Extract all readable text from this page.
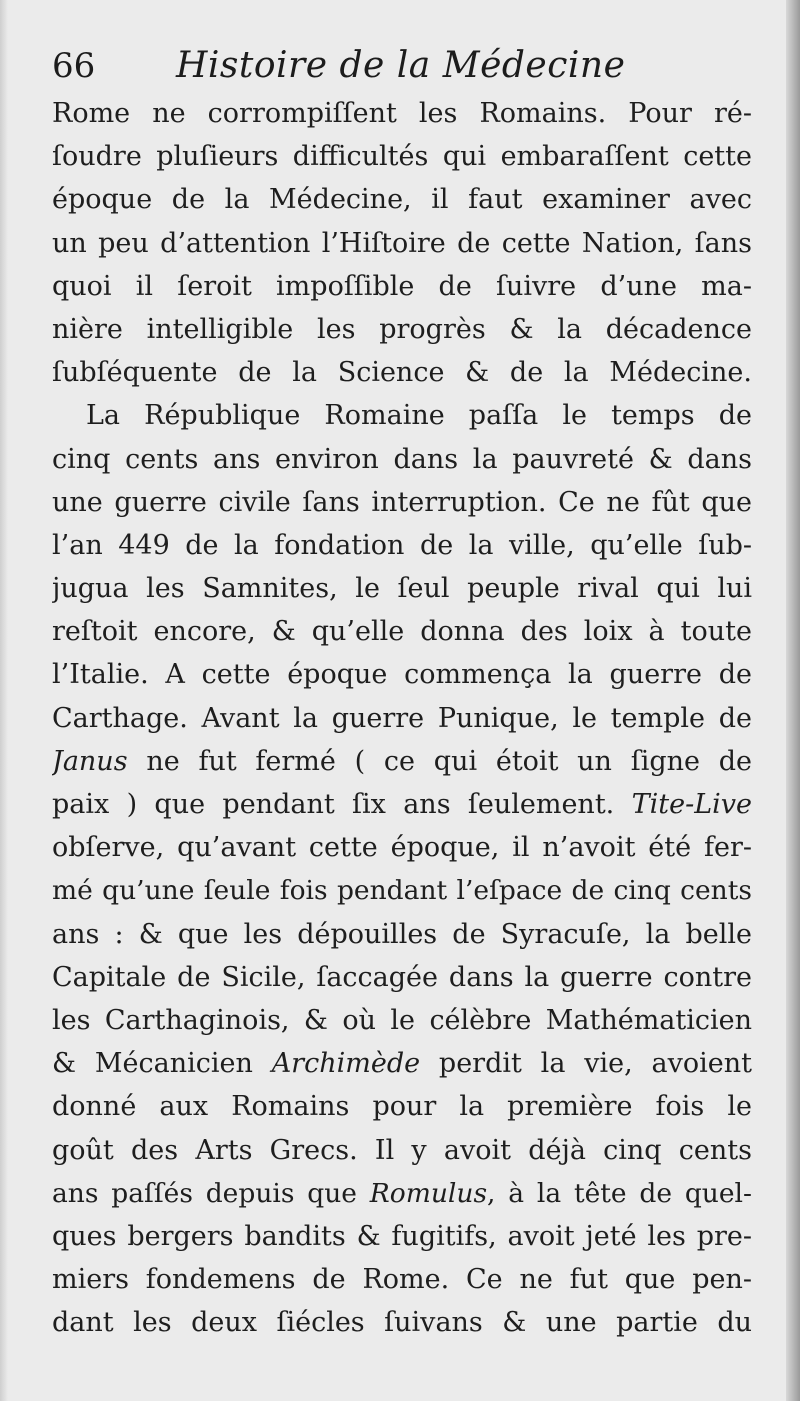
66 Histoire de la Médecine
Rome ne corrompiſſent les Romains. Pour ré-
ſoudre pluſieurs difficultés qui embaraſſent cette
époque de la Médecine, il faut examiner avec
un peu d’attention l’Hiſtoire de cette Nation, ſans
quoi il ſeroit impoſſible de ſuivre d’une ma-
nière intelligible les progrès & la décadence
ſubſéquente de la Science & de la Médecine.
La République Romaine paſſa le temps de
cinq cents ans environ dans la pauvreté & dans
une guerre civile ſans interruption. Ce ne fût que
l’an 449 de la fondation de la ville, qu’elle ſub-
jugua les Samnites, le ſeul peuple rival qui lui
reſtoit encore, & qu’elle donna des loix à toute
l’Italie. A cette époque commença la guerre de
Carthage. Avant la guerre Punique, le temple de
Janus ne fut fermé ( ce qui étoit un ſigne de
paix ) que pendant ſix ans ſeulement. Tite-Live
obſerve, qu’avant cette époque, il n’avoit été fer-
mé qu’une ſeule fois pendant l’eſpace de cinq cents
ans : & que les dépouilles de Syracuſe, la belle
Capitale de Sicile, ſaccagée dans la guerre contre
les Carthaginois, & où le célèbre Mathématicien
& Mécanicien Archimède perdit la vie, avoient
donné aux Romains pour la première fois le
goût des Arts Grecs. Il y avoit déjà cinq cents
ans paſſés depuis que Romulus, à la tête de quel-
ques bergers bandits & fugitifs, avoit jeté les pre-
miers fondemens de Rome. Ce ne fut que pen-
dant les deux ſiécles ſuivans & une partie du
